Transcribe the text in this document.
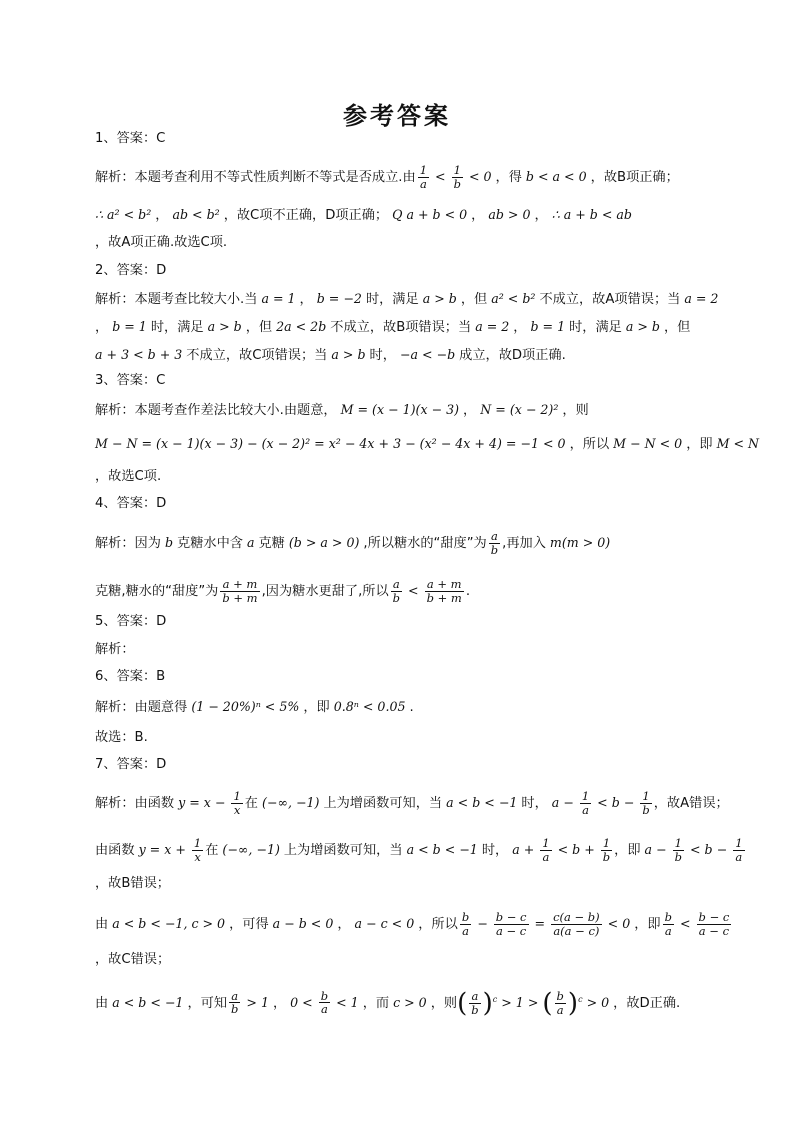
参考答案
1、答案：C
解析：本题考查利用不等式性质判断不等式是否成立.由 $\frac{1}{a} < \frac{1}{b} < 0$ ，得 b < a < 0 ，故B项正确；
∴ a² < b² ， ab < b² ，故C项不正确，D项正确； Q a + b < 0 ， ab > 0 ， ∴ a + b < ab
，故A项正确.故选C项.
2、答案：D
解析：本题考查比较大小.当 a = 1 ， b = −2 时，满足 a > b ，但 a² < b² 不成立，故A项错误；当 a = 2
， b = 1 时，满足 a > b ，但 2a < 2b 不成立，故B项错误；当 a = 2 ， b = 1 时，满足 a > b ，但
a + 3 < b + 3 不成立，故C项错误；当 a > b 时， −a < −b 成立，故D项正确.
3、答案：C
解析：本题考查作差法比较大小.由题意， M = (x − 1)(x − 3) ， N = (x − 2)² ，则
M − N = (x − 1)(x − 3) − (x − 2)² = x² − 4x + 3 − (x² − 4x + 4) = −1 < 0 ，所以 M − N < 0 ，即 M < N
，故选C项.
4、答案：D
解析：因为 b 克糖水中含 a 克糖 (b > a > 0) ,所以糖水的“甜度”为 $\frac{a}{b}$ ,再加入 m(m > 0)
克糖,糖水的“甜度”为 $\frac{a + m}{b + m}$ ,因为糖水更甜了,所以 $\frac{a}{b} < \frac{a + m}{b + m}$ .
5、答案：D
解析：
6、答案：B
解析：由题意得 (1 − 20%)ⁿ < 5% ，即 0.8ⁿ < 0.05 .
故选：B.
7、答案：D
解析：由函数 $y = x - \frac{1}{x}$ 在 (−∞, −1) 上为增函数可知，当 a < b < −1 时， $a - \frac{1}{a} < b - \frac{1}{b}$ ，故A错误；
由函数 $y = x + \frac{1}{x}$ 在 (−∞, −1) 上为增函数可知，当 a < b < −1 时， $a + \frac{1}{a} < b + \frac{1}{b}$ ，即 $a - \frac{1}{b} < b - \frac{1}{a}$
，故B错误；
由 a < b < −1, c > 0 ，可得 a − b < 0 ， a − c < 0 ，所以 $\frac{b}{a} - \frac{b - c}{a - c} = \frac{c(a - b)}{a(a - c)} < 0$ ，即 $\frac{b}{a} < \frac{b - c}{a - c}$
，故C错误；
由 a < b < −1 ，可知 $\frac{a}{b} > 1$ ， $0 < \frac{b}{a} < 1$ ，而 c > 0 ，则( $\frac{a}{b} )^c > 1$ > ( $\frac{b}{a} )^c > 0$ ，故D正确.
